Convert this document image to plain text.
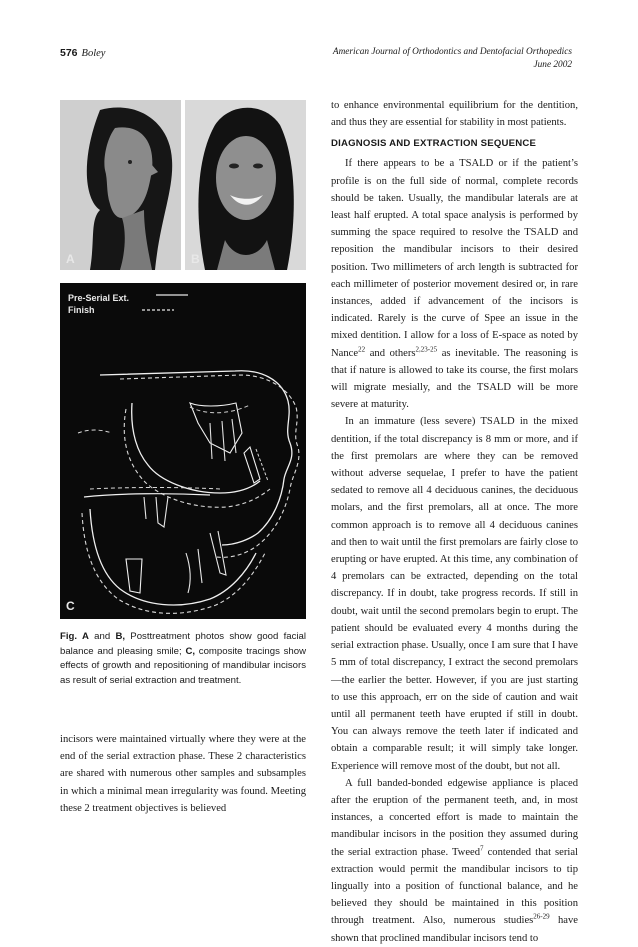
576 Boley	American Journal of Orthodontics and Dentofacial Orthopedics
June 2002
A	B
Pre-Serial Ext.
Finish
C
Fig. A and B, Posttreatment photos show good facial balance and pleasing smile; C, composite tracings show effects of growth and repositioning of mandibular incisors as result of serial extraction and treatment.
incisors were maintained virtually where they were at the end of the serial extraction phase. These 2 characteristics are shared with numerous other samples and subsamples in which a minimal mean irregularity was found. Meeting these 2 treatment objectives is believed

to enhance environmental equilibrium for the dentition, and thus they are essential for stability in most patients.

DIAGNOSIS AND EXTRACTION SEQUENCE

If there appears to be a TSALD or if the patient’s profile is on the full side of normal, complete records should be taken. Usually, the mandibular laterals are at least half erupted. A total space analysis is performed by summing the space required to resolve the TSALD and reposition the mandibular incisors to their desired position. Two millimeters of arch length is subtracted for each millimeter of posterior movement desired or, in rare instances, added if advancement of the incisors is indicated. Rarely is the curve of Spee an issue in the mixed dentition. I allow for a loss of E-space as noted by Nance$^{22}$ and others$^{2,23-25}$ as inevitable. The reasoning is that if nature is allowed to take its course, the first molars will migrate mesially, and the TSALD will be more severe at maturity.

In an immature (less severe) TSALD in the mixed dentition, if the total discrepancy is 8 mm or more, and if the first premolars are where they can be removed without adverse sequelae, I prefer to have the patient sedated to remove all 4 deciduous canines, the deciduous molars, and the first premolars, all at once. The more common approach is to remove all 4 deciduous canines and then to wait until the first premolars are fairly close to erupting or have erupted. At this time, any combination of 4 premolars can be extracted, depending on the total discrepancy. If in doubt, take progress records. If still in doubt, wait until the second premolars begin to erupt. The patient should be evaluated every 4 months during the serial extraction phase. Usually, once I am sure that I have 5 mm of total discrepancy, I extract the second premolars—the earlier the better. However, if you are just starting to use this approach, err on the side of caution and wait until all permanent teeth have erupted if still in doubt. You can always remove the teeth later if indicated and obtain a comparable result; it will simply take longer. Experience will remove most of the doubt, but not all.

A full banded-bonded edgewise appliance is placed after the eruption of the permanent teeth, and, in most instances, a concerted effort is made to maintain the mandibular incisors in the position they assumed during the serial extraction phase. Tweed$^7$ contended that serial extraction would permit the mandibular incisors to tip lingually into a position of functional balance, and he believed they should be maintained in this position through treatment. Also, numerous studies$^{26-29}$ have shown that proclined mandibular incisors tend to
